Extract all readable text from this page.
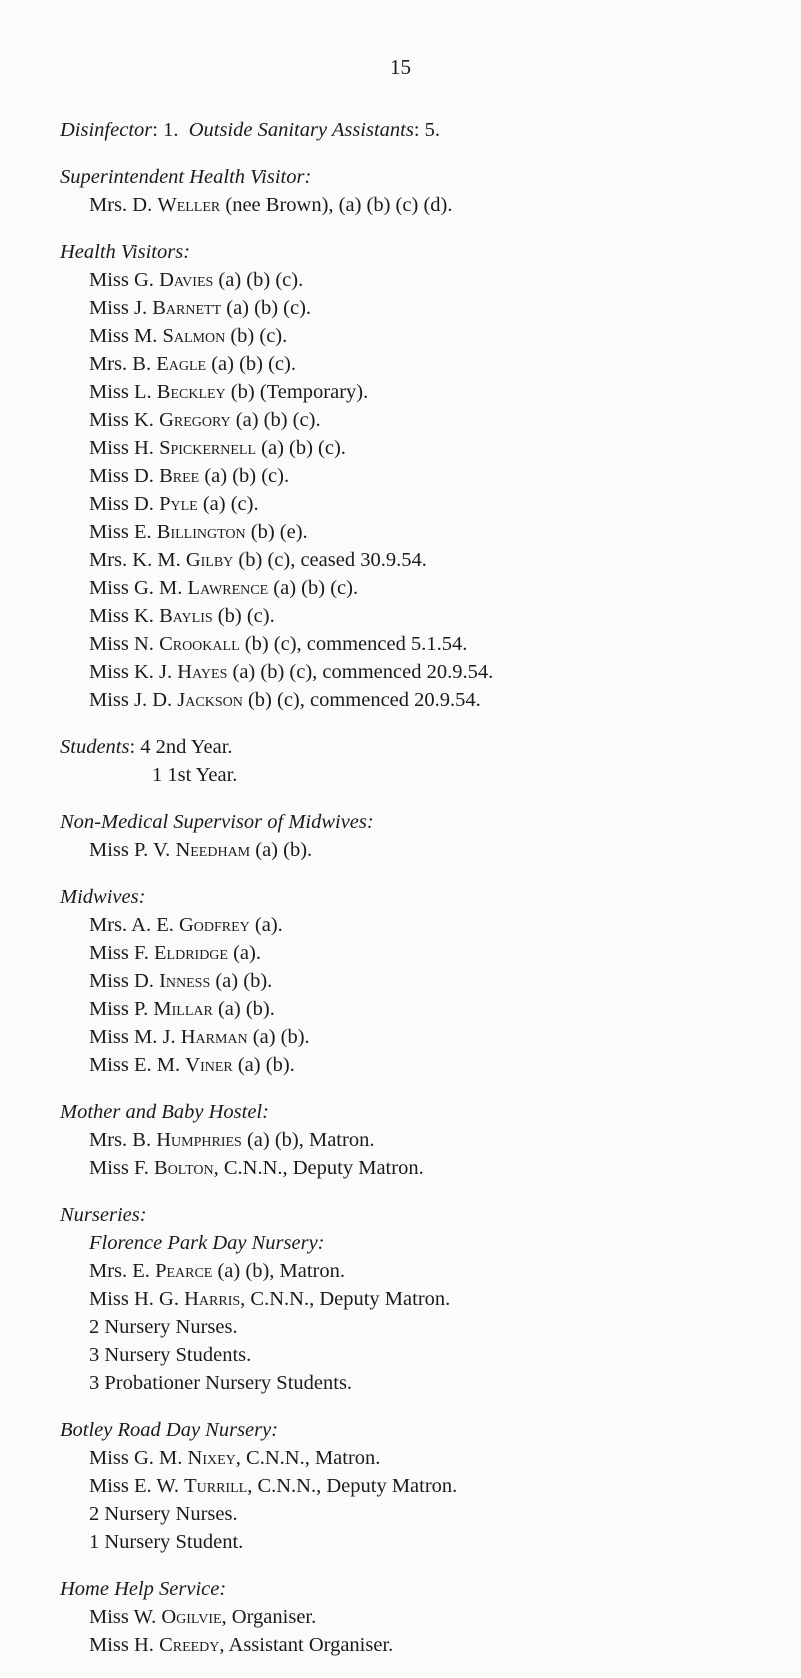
15
Disinfector: 1. Outside Sanitary Assistants: 5.
Superintendent Health Visitor:
Mrs. D. Weller (nee Brown), (a) (b) (c) (d).
Health Visitors:
Miss G. Davies (a) (b) (c).
Miss J. Barnett (a) (b) (c).
Miss M. Salmon (b) (c).
Mrs. B. Eagle (a) (b) (c).
Miss L. Beckley (b) (Temporary).
Miss K. Gregory (a) (b) (c).
Miss H. Spickernell (a) (b) (c).
Miss D. Bree (a) (b) (c).
Miss D. Pyle (a) (c).
Miss E. Billington (b) (e).
Mrs. K. M. Gilby (b) (c), ceased 30.9.54.
Miss G. M. Lawrence (a) (b) (c).
Miss K. Baylis (b) (c).
Miss N. Crookall (b) (c), commenced 5.1.54.
Miss K. J. Hayes (a) (b) (c), commenced 20.9.54.
Miss J. D. Jackson (b) (c), commenced 20.9.54.
Students: 4 2nd Year.
1 1st Year.
Non-Medical Supervisor of Midwives:
Miss P. V. Needham (a) (b).
Midwives:
Mrs. A. E. Godfrey (a).
Miss F. Eldridge (a).
Miss D. Inness (a) (b).
Miss P. Millar (a) (b).
Miss M. J. Harman (a) (b).
Miss E. M. Viner (a) (b).
Mother and Baby Hostel:
Mrs. B. Humphries (a) (b), Matron.
Miss F. Bolton, C.N.N., Deputy Matron.
Nurseries:
Florence Park Day Nursery:
Mrs. E. Pearce (a) (b), Matron.
Miss H. G. Harris, C.N.N., Deputy Matron.
2 Nursery Nurses.
3 Nursery Students.
3 Probationer Nursery Students.
Botley Road Day Nursery:
Miss G. M. Nixey, C.N.N., Matron.
Miss E. W. Turrill, C.N.N., Deputy Matron.
2 Nursery Nurses.
1 Nursery Student.
Home Help Service:
Miss W. Ogilvie, Organiser.
Miss H. Creedy, Assistant Organiser.
